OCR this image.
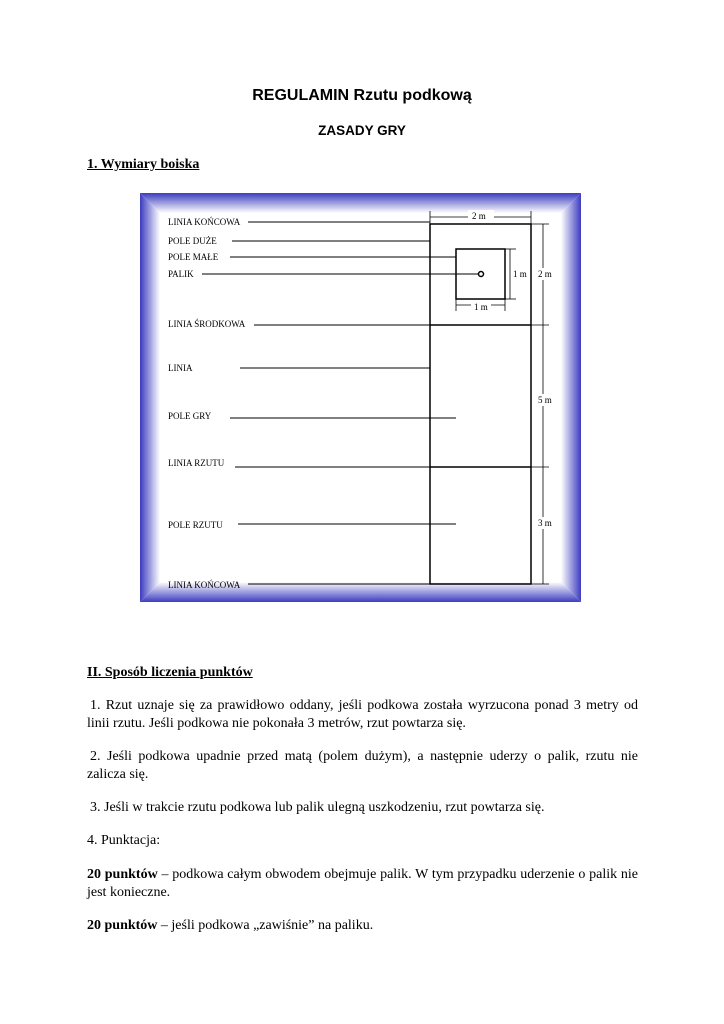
REGULAMIN Rzutu podkową
ZASADY GRY
1. Wymiary boiska
LINIA KOŃCOWA
POLE DUŻE
POLE MAŁE
PALIK
LINIA ŚRODKOWA
LINIA
POLE GRY
LINIA RZUTU
POLE RZUTU
LINIA KOŃCOWA
2 m
1 m
1 m 2 m
5 m
3 m
II. Sposób liczenia punktów

1. Rzut uznaje się za prawidłowo oddany, jeśli podkowa została wyrzucona ponad 3 metry od linii rzutu. Jeśli podkowa nie pokonała 3 metrów, rzut powtarza się.

2. Jeśli podkowa upadnie przed matą (polem dużym), a następnie uderzy o palik, rzutu nie zalicza się.

3. Jeśli w trakcie rzutu podkowa lub palik ulegną uszkodzeniu, rzut powtarza się.

4. Punktacja:

20 punktów – podkowa całym obwodem obejmuje palik. W tym przypadku uderzenie o palik nie jest konieczne.

20 punktów – jeśli podkowa „zawiśnie” na paliku.
